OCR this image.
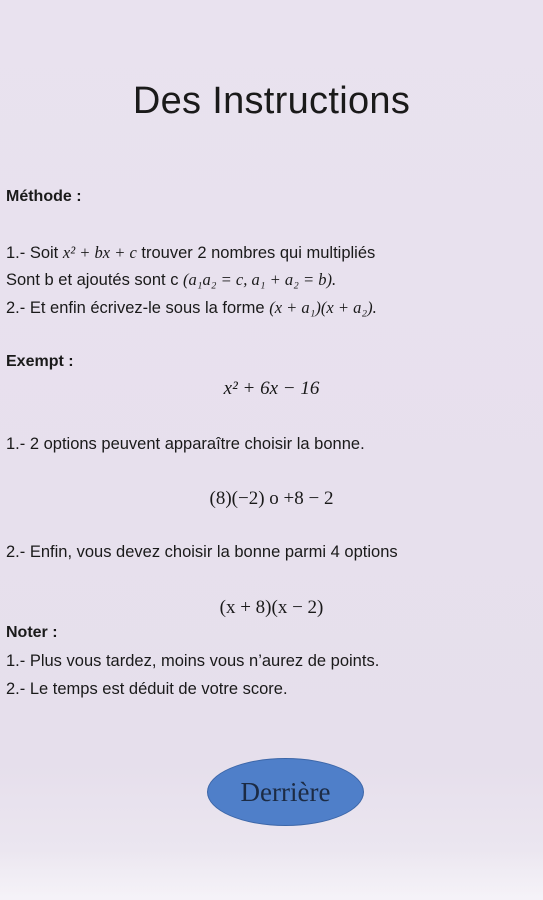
Des Instructions
Méthode :
1.- Soit x² + bx + c trouver 2 nombres qui multipliés
Sont b et ajoutés sont c (a₁a₂ = c, a₁ + a₂ = b).
2.- Et enfin écrivez-le sous la forme (x + a₁)(x + a₂).
Exempt :
x² + 6x − 16
1.- 2 options peuvent apparaître choisir la bonne.
(8)(−2) o +8 − 2
2.- Enfin, vous devez choisir la bonne parmi 4 options
(x + 8)(x − 2)
Noter :
1.- Plus vous tardez, moins vous n’aurez de points.
2.- Le temps est déduit de votre score.
Derrière
